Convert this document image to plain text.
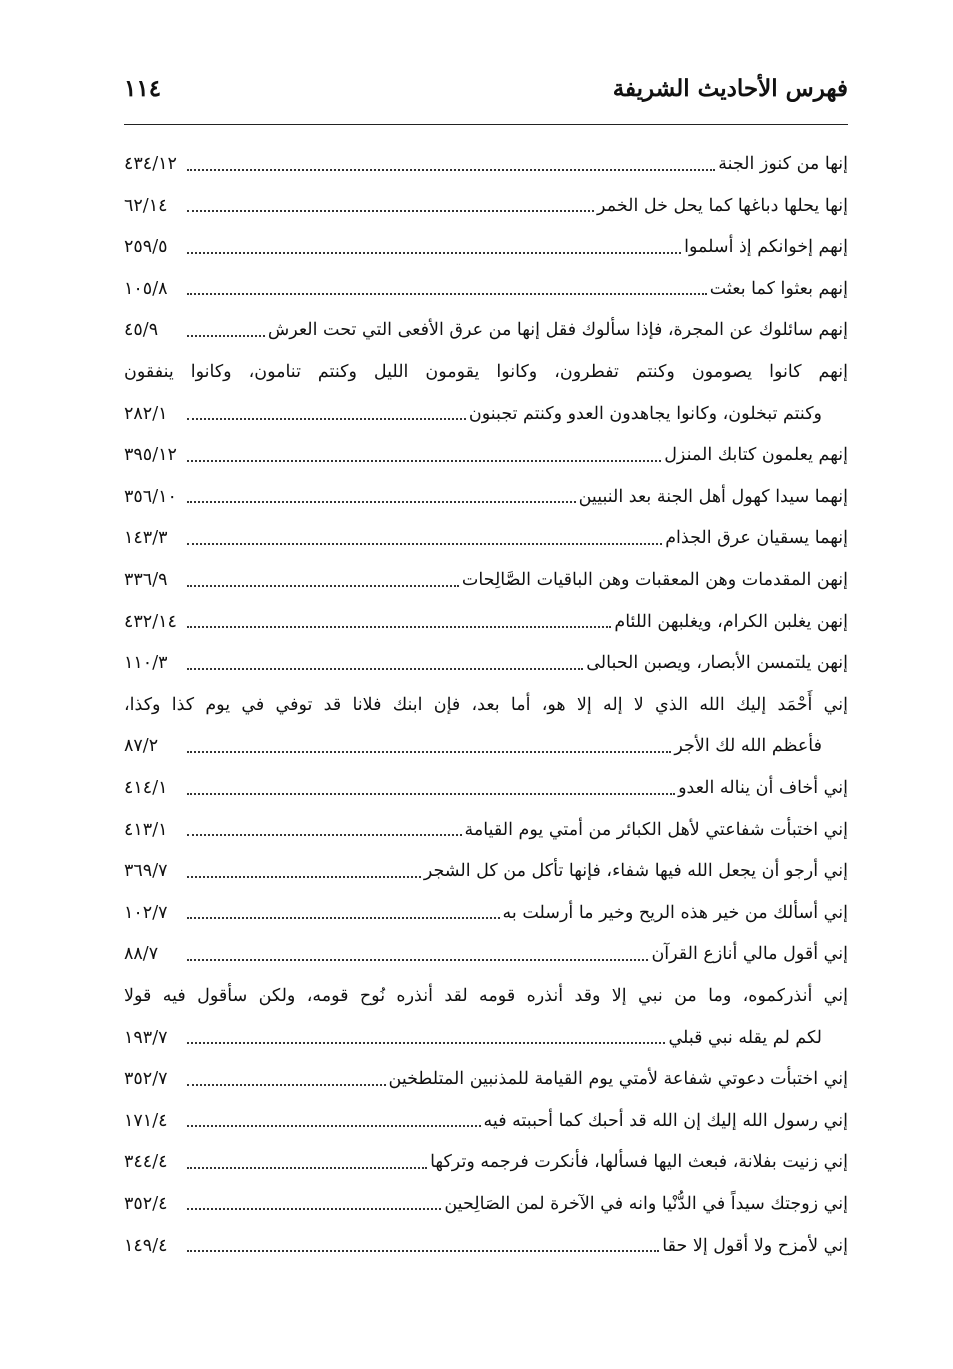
فهرس الأحاديث الشريفة
١١٤
إنها من كنوز الجنة
٤٣٤/١٢
إنها يحلها دباغها كما يحل خل الخمر
٦٢/١٤
إنهم إخوانكم إذ أسلموا
٢٥٩/٥
إنهم بعثوا كما بعثت
١٠٥/٨
إنهم سائلوك عن المجرة، فإذا سألوك فقل إنها من عرق الأفعى التي تحت العرش
٤٥/٩
إنهم كانوا يصومون وكنتم تفطرون، وكانوا يقومون الليل وكنتم تنامون، وكانوا ينفقون
وكنتم تبخلون، وكانوا يجاهدون العدو وكنتم تجبنون
٢٨٢/١
إنهم يعلمون كتابك المنزل
٣٩٥/١٢
إنهما سيدا كهول أهل الجنة بعد النبيين
٣٥٦/١٠
إنهما يسقيان عرق الجذام
١٤٣/٣
إنهن المقدمات وهن المعقبات وهن الباقيات الصَّالِحات
٣٣٦/٩
إنهن يغلبن الكرام، ويغلبهن اللئام
٤٣٢/١٤
إنهن يلتمسن الأبصار، ويصبن الحبالى
١١٠/٣
إني أَحْمَد إليك الله الذي لا إله إلا هو، أما بعد، فإن ابنك فلانا قد توفي في يوم كذا وكذا،
فأعظم الله لك الأجر
٨٧/٢
إني أخاف أن يناله العدو
٤١٤/١
إني اختبأت شفاعتي لأهل الكبائر من أمتي يوم القيامة
٤١٣/١
إني أرجو أن يجعل الله فيها شفاء، فإنها تأكل من كل الشجر
٣٦٩/٧
إني أسألك من خير هذه الريح وخير ما أرسلت به
١٠٢/٧
إني أقول مالي أنازع القرآن
٨٨/٧
إني أنذركموه، وما من نبي إلا وقد أنذره قومه لقد أنذره نُوح قومه، ولكن سأقول فيه قولا
لكم لم يقله نبي قبلي
١٩٣/٧
إني اختبأت دعوتي شفاعة لأمتي يوم القيامة للمذنبين المتلطخين
٣٥٢/٧
إني رسول الله إليك إن الله قد أحبك كما أحببته فيه
١٧١/٤
إني زنيت بفلانة، فبعث اليها فسألها، فأنكرت فرجمه وتركها
٣٤٤/٤
إني زوجتك سيداً في الدُّنْيا وانه في الآخرة لمن الصَالِحين
٣٥٢/٤
إني لأمزح ولا أقول إلا حقا
١٤٩/٤
